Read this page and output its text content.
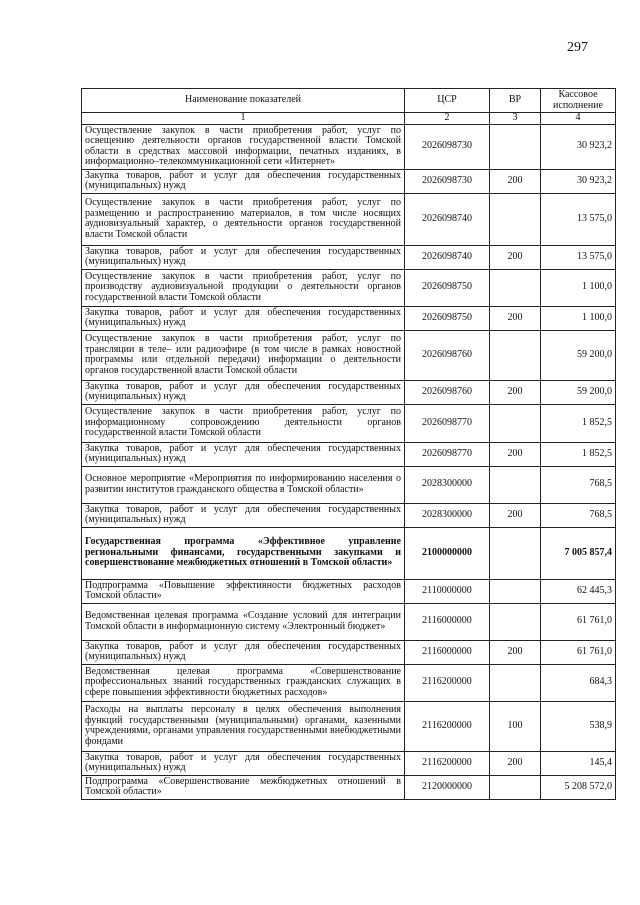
297
Наименование показателей	ЦСР	ВР	Кассовое исполнение
1	2	3	4
Осуществление закупок в части приобретения работ, услуг по освещению деятельности органов государственной власти Томской области в средствах массовой информации, печатных изданиях, в информационно–телекоммуникационной сети «Интернет»	2026098730		30 923,2
Закупка товаров, работ и услуг для обеспечения государственных (муниципальных) нужд	2026098730	200	30 923,2
Осуществление закупок в части приобретения работ, услуг по размещению и распространению материалов, в том числе носящих аудиовизуальный характер, о деятельности органов государственной власти Томской области	2026098740		13 575,0
Закупка товаров, работ и услуг для обеспечения государственных (муниципальных) нужд	2026098740	200	13 575,0
Осуществление закупок в части приобретения работ, услуг по производству аудиовизуальной продукции о деятельности органов государственной власти Томской области	2026098750		1 100,0
Закупка товаров, работ и услуг для обеспечения государственных (муниципальных) нужд	2026098750	200	1 100,0
Осуществление закупок в части приобретения работ, услуг по трансляции в теле– или радиоэфире (в том числе в рамках новостной программы или отдельной передачи) информации о деятельности органов государственной власти Томской области	2026098760		59 200,0
Закупка товаров, работ и услуг для обеспечения государственных (муниципальных) нужд	2026098760	200	59 200,0
Осуществление закупок в части приобретения работ, услуг по информационному сопровождению деятельности органов государственной власти Томской области	2026098770		1 852,5
Закупка товаров, работ и услуг для обеспечения государственных (муниципальных) нужд	2026098770	200	1 852,5
Основное мероприятие «Мероприятия по информированию населения о развитии институтов гражданского общества в Томской области»	2028300000		768,5
Закупка товаров, работ и услуг для обеспечения государственных (муниципальных) нужд	2028300000	200	768,5
Государственная программа «Эффективное управление региональными финансами, государственными закупками и совершенствование межбюджетных отношений в Томской области»	2100000000		7 005 857,4
Подпрограмма «Повышение эффективности бюджетных расходов Томской области»	2110000000		62 445,3
Ведомственная целевая программа «Создание условий для интеграции Томской области в информационную систему «Электронный бюджет»	2116000000		61 761,0
Закупка товаров, работ и услуг для обеспечения государственных (муниципальных) нужд	2116000000	200	61 761,0
Ведомственная целевая программа «Совершенствование профессиональных знаний государственных гражданских служащих в сфере повышения эффективности бюджетных расходов»	2116200000		684,3
Расходы на выплаты персоналу в целях обеспечения выполнения функций государственными (муниципальными) органами, казенными учреждениями, органами управления государственными внебюджетными фондами	2116200000	100	538,9
Закупка товаров, работ и услуг для обеспечения государственных (муниципальных) нужд	2116200000	200	145,4
Подпрограмма «Совершенствование межбюджетных отношений в Томской области»	2120000000		5 208 572,0
